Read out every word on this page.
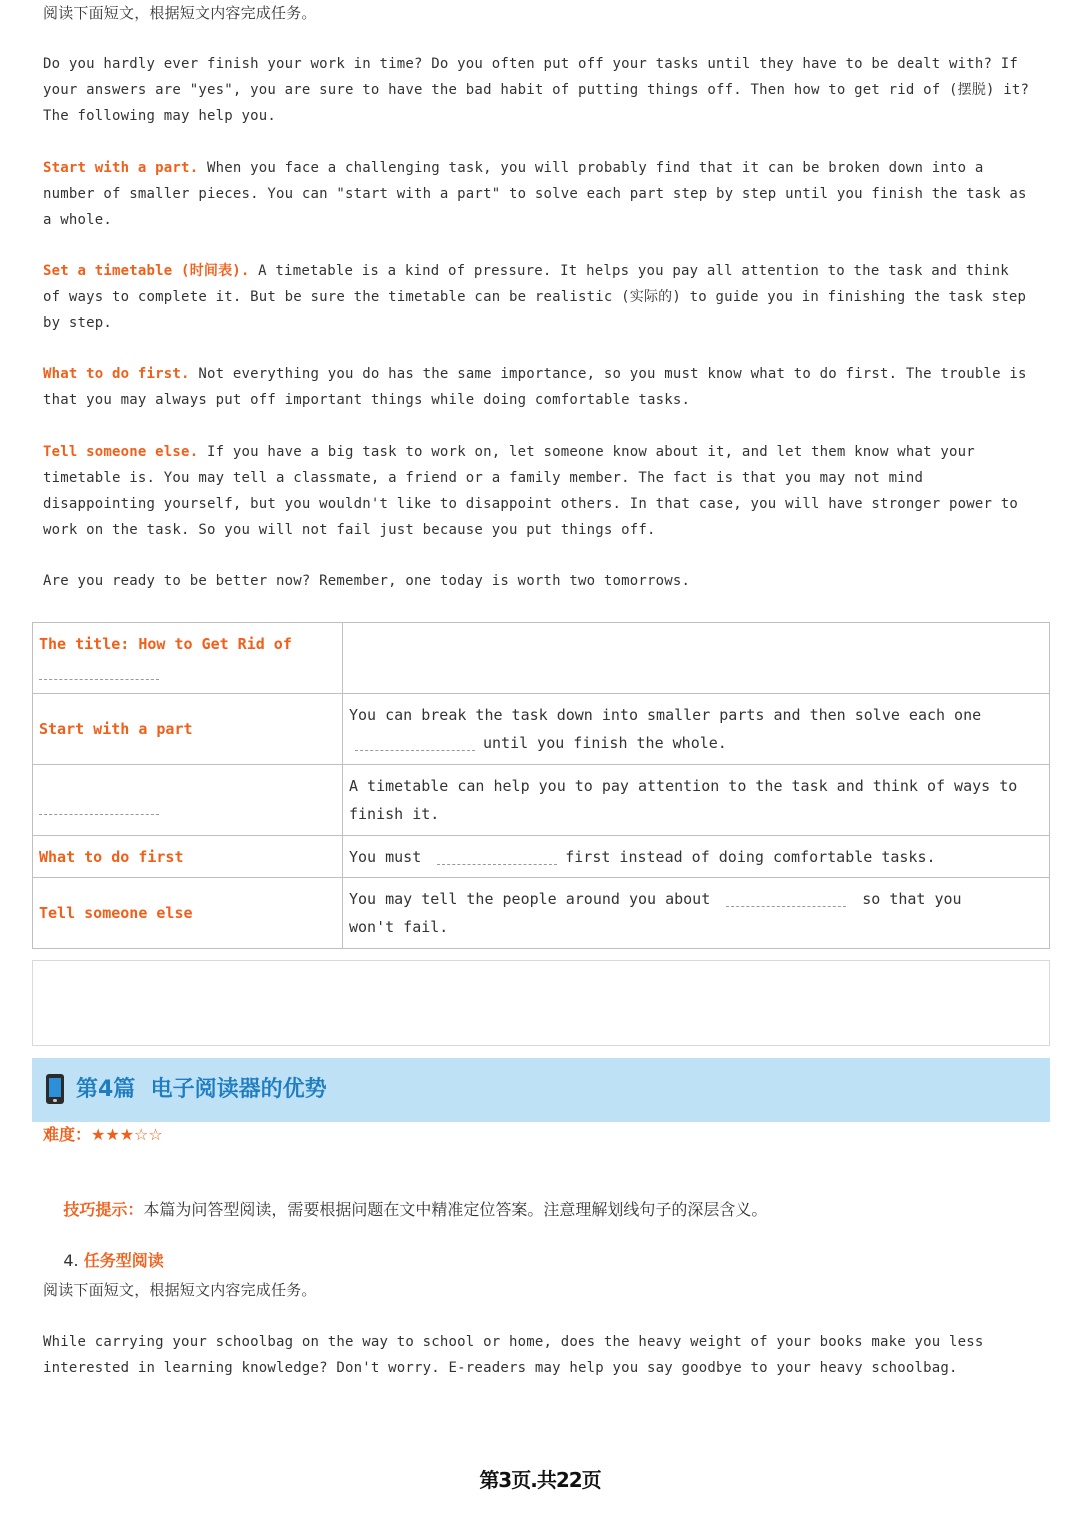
阅读下面短文，根据短文内容完成任务。
Do you hardly ever finish your work in time? Do you often put off your tasks until they have to be dealt with? If
your answers are "yes", you are sure to have the bad habit of putting things off. Then how to get rid of (摆脱) it?
The following may help you.
Start with a part. When you face a challenging task, you will probably find that it can be broken down into a
number of smaller pieces. You can "start with a part" to solve each part step by step until you finish the task as
a whole.
Set a timetable (时间表). A timetable is a kind of pressure. It helps you pay all attention to the task and think
of ways to complete it. But be sure the timetable can be realistic (实际的) to guide you in finishing the task step
by step.
What to do first. Not everything you do has the same importance, so you must know what to do first. The trouble is
that you may always put off important things while doing comfortable tasks.
Tell someone else. If you have a big task to work on, let someone know about it, and let them know what your
timetable is. You may tell a classmate, a friend or a family member. The fact is that you may not mind
disappointing yourself, but you wouldn't like to disappoint others. In that case, you will have stronger power to
work on the task. So you will not fail just because you put things off.
Are you ready to be better now? Remember, one today is worth two tomorrows.
The title: How to Get Rid of	

Start with a part	You can break the task down into smaller parts and then solve each one
until you finish the whole.

	A timetable can help you to pay attention to the task and think of ways to finish it.

What to do first	You must first instead of doing comfortable tasks.
Tell someone else	You may tell the people around you about so that you
won't fail.
第4篇  电子阅读器的优势
难度：★★★☆☆

技巧提示：本篇为问答型阅读，需要根据问题在文中精准定位答案。注意理解划线句子的深层含义。

4. 任务型阅读

阅读下面短文，根据短文内容完成任务。
While carrying your schoolbag on the way to school or home, does the heavy weight of your books make you less
interested in learning knowledge? Don't worry. E-readers may help you say goodbye to your heavy schoolbag.
第3页.共22页
